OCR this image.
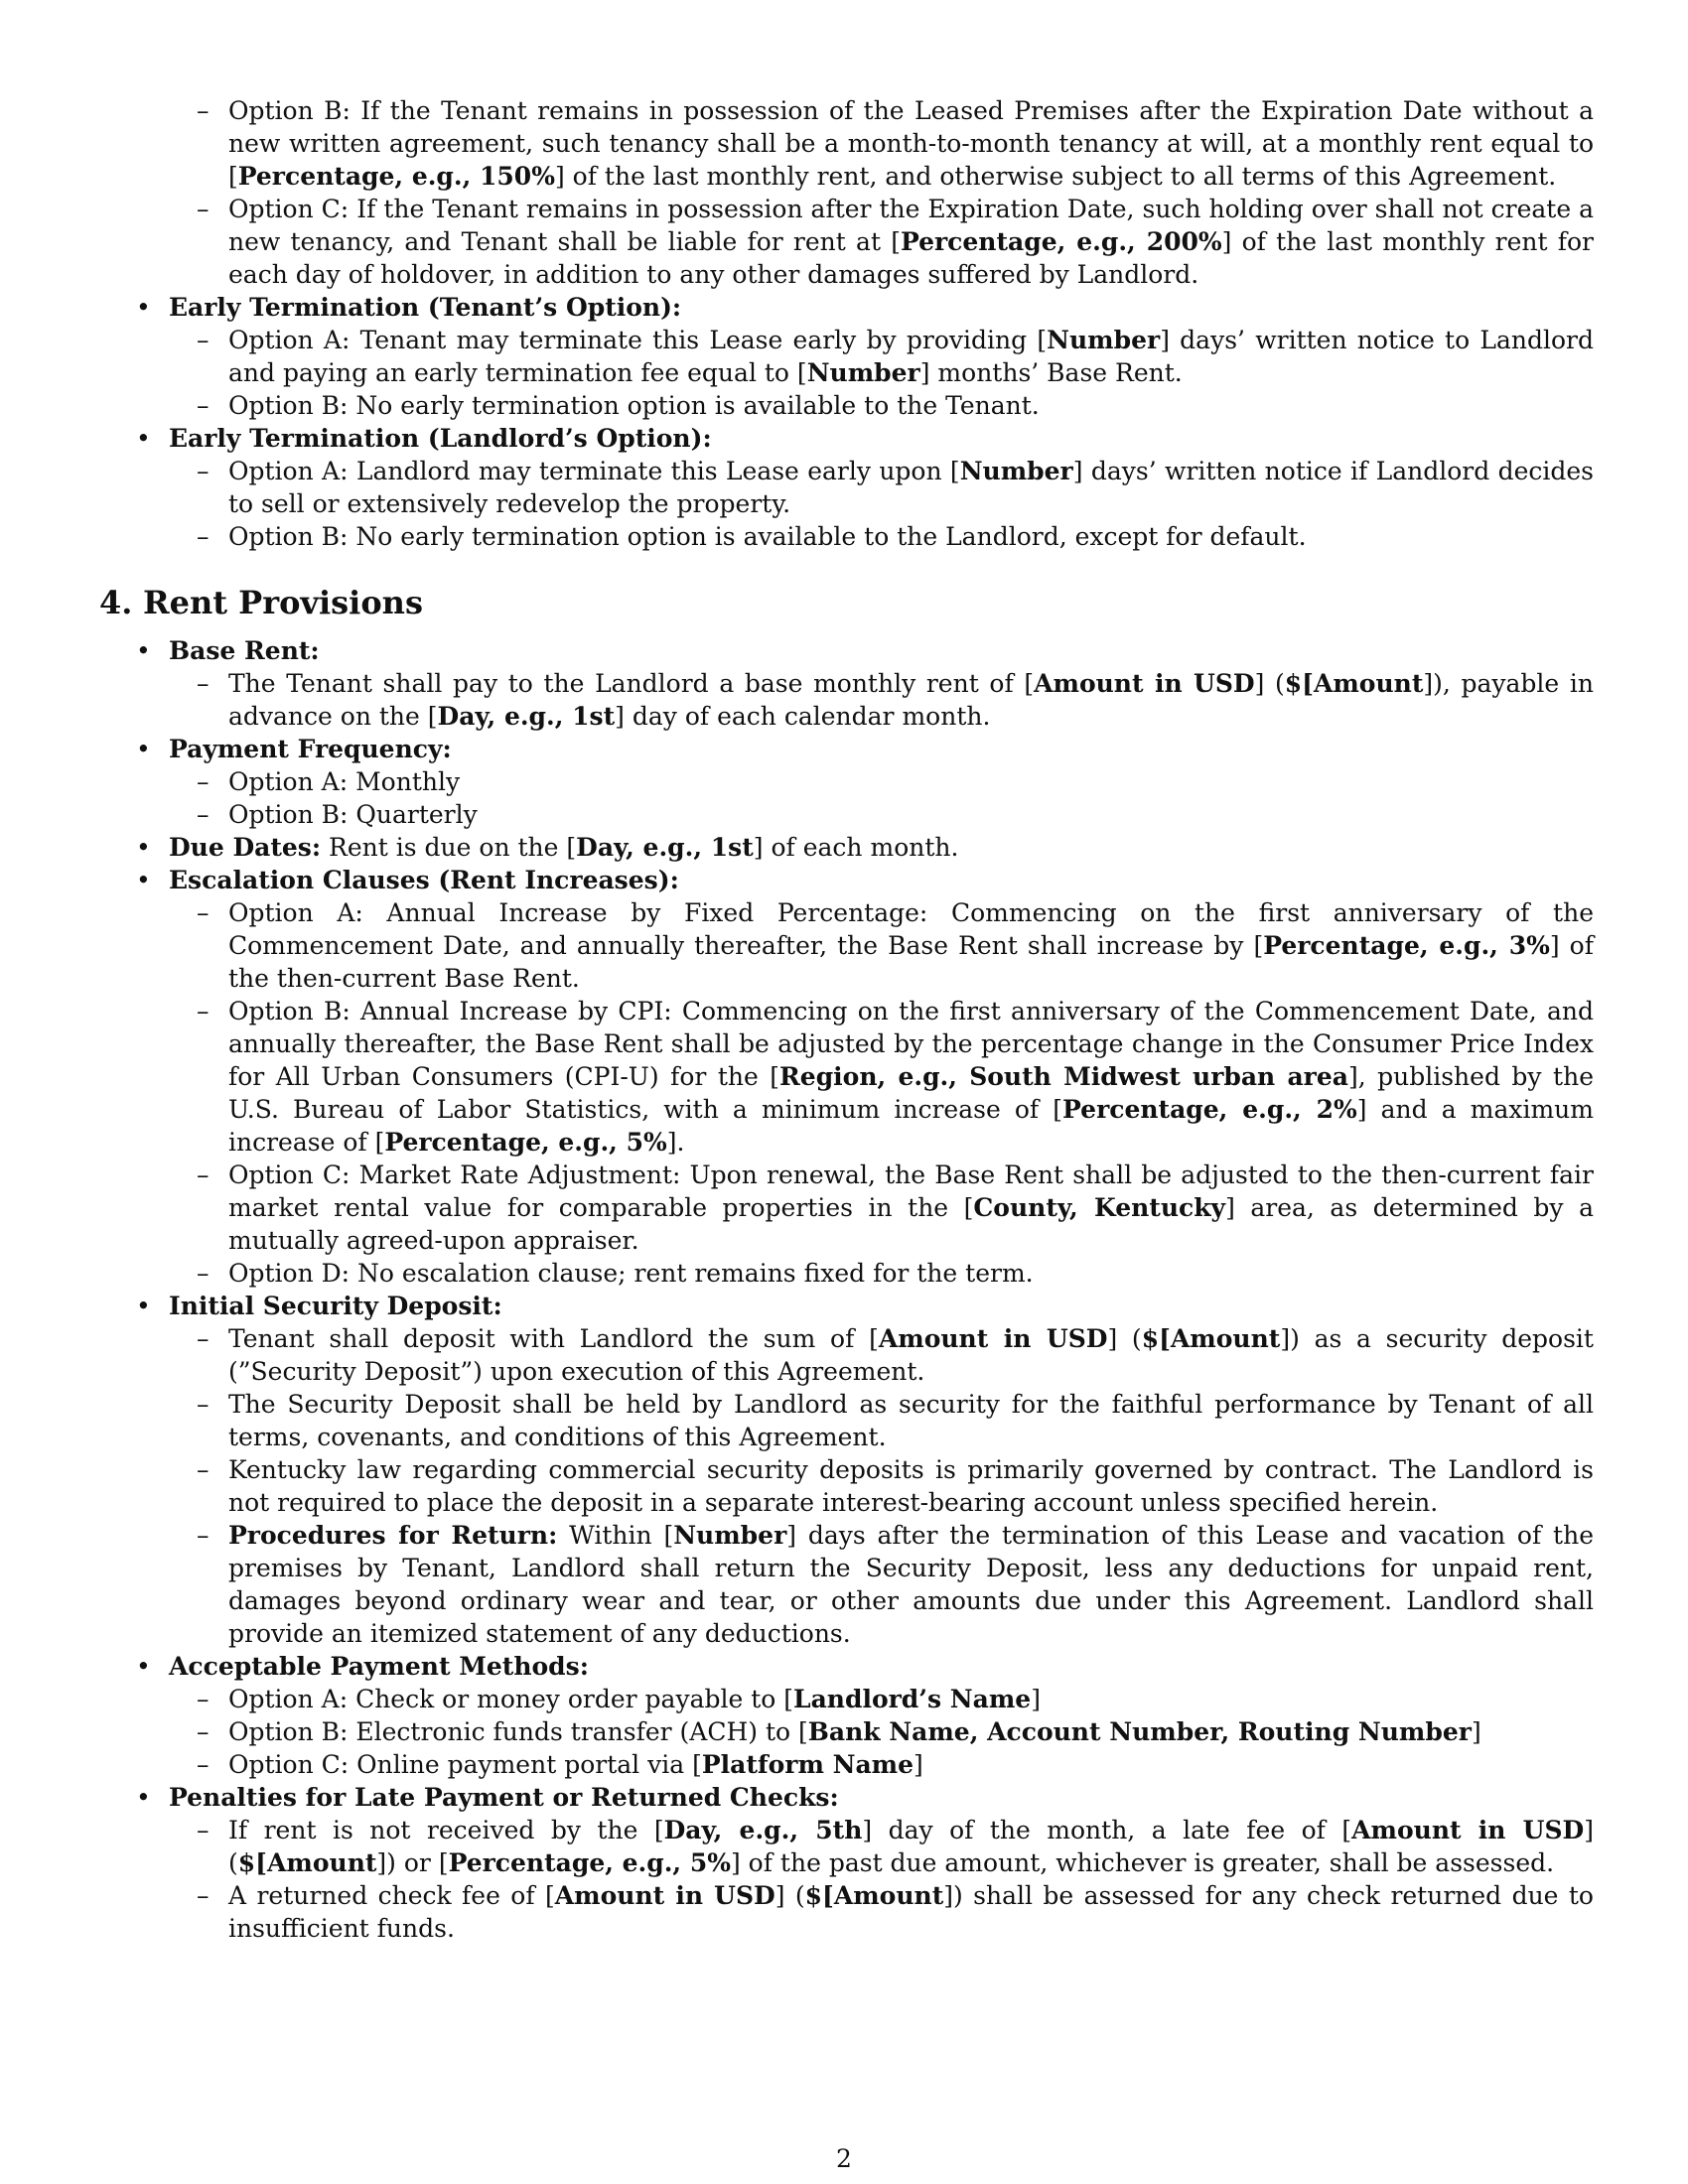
– Option B: If the Tenant remains in possession of the Leased Premises after the Expiration Date without a new written agreement, such tenancy shall be a month-to-month tenancy at will, at a monthly rent equal to [Percentage, e.g., 150%] of the last monthly rent, and otherwise subject to all terms of this Agreement.
– Option C: If the Tenant remains in possession after the Expiration Date, such holding over shall not create a new tenancy, and Tenant shall be liable for rent at [Percentage, e.g., 200%] of the last monthly rent for each day of holdover, in addition to any other damages suffered by Landlord.
• Early Termination (Tenant’s Option):
– Option A: Tenant may terminate this Lease early by providing [Number] days’ written notice to Landlord and paying an early termination fee equal to [Number] months’ Base Rent.
– Option B: No early termination option is available to the Tenant.
• Early Termination (Landlord’s Option):
– Option A: Landlord may terminate this Lease early upon [Number] days’ written notice if Landlord decides to sell or extensively redevelop the property.
– Option B: No early termination option is available to the Landlord, except for default.
4. Rent Provisions
• Base Rent:
– The Tenant shall pay to the Landlord a base monthly rent of [Amount in USD] ($[Amount]), payable in advance on the [Day, e.g., 1st] day of each calendar month.
• Payment Frequency:
– Option A: Monthly
– Option B: Quarterly
• Due Dates: Rent is due on the [Day, e.g., 1st] of each month.
• Escalation Clauses (Rent Increases):
– Option A: Annual Increase by Fixed Percentage: Commencing on the first anniversary of the Commencement Date, and annually thereafter, the Base Rent shall increase by [Percentage, e.g., 3%] of the then-current Base Rent.
– Option B: Annual Increase by CPI: Commencing on the first anniversary of the Commencement Date, and annually thereafter, the Base Rent shall be adjusted by the percentage change in the Consumer Price Index for All Urban Consumers (CPI-U) for the [Region, e.g., South Midwest urban area], published by the U.S. Bureau of Labor Statistics, with a minimum increase of [Percentage, e.g., 2%] and a maximum increase of [Percentage, e.g., 5%].
– Option C: Market Rate Adjustment: Upon renewal, the Base Rent shall be adjusted to the then-current fair market rental value for comparable properties in the [County, Kentucky] area, as determined by a mutually agreed-upon appraiser.
– Option D: No escalation clause; rent remains fixed for the term.
• Initial Security Deposit:
– Tenant shall deposit with Landlord the sum of [Amount in USD] ($[Amount]) as a security deposit (”Security Deposit”) upon execution of this Agreement.
– The Security Deposit shall be held by Landlord as security for the faithful performance by Tenant of all terms, covenants, and conditions of this Agreement.
– Kentucky law regarding commercial security deposits is primarily governed by contract. The Landlord is not required to place the deposit in a separate interest-bearing account unless specified herein.
– Procedures for Return: Within [Number] days after the termination of this Lease and vacation of the premises by Tenant, Landlord shall return the Security Deposit, less any deductions for unpaid rent, damages beyond ordinary wear and tear, or other amounts due under this Agreement. Landlord shall provide an itemized statement of any deductions.
• Acceptable Payment Methods:
– Option A: Check or money order payable to [Landlord’s Name]
– Option B: Electronic funds transfer (ACH) to [Bank Name, Account Number, Routing Number]
– Option C: Online payment portal via [Platform Name]
• Penalties for Late Payment or Returned Checks:
– If rent is not received by the [Day, e.g., 5th] day of the month, a late fee of [Amount in USD] ($[Amount]) or [Percentage, e.g., 5%] of the past due amount, whichever is greater, shall be assessed.
– A returned check fee of [Amount in USD] ($[Amount]) shall be assessed for any check returned due to insufficient funds.
2
